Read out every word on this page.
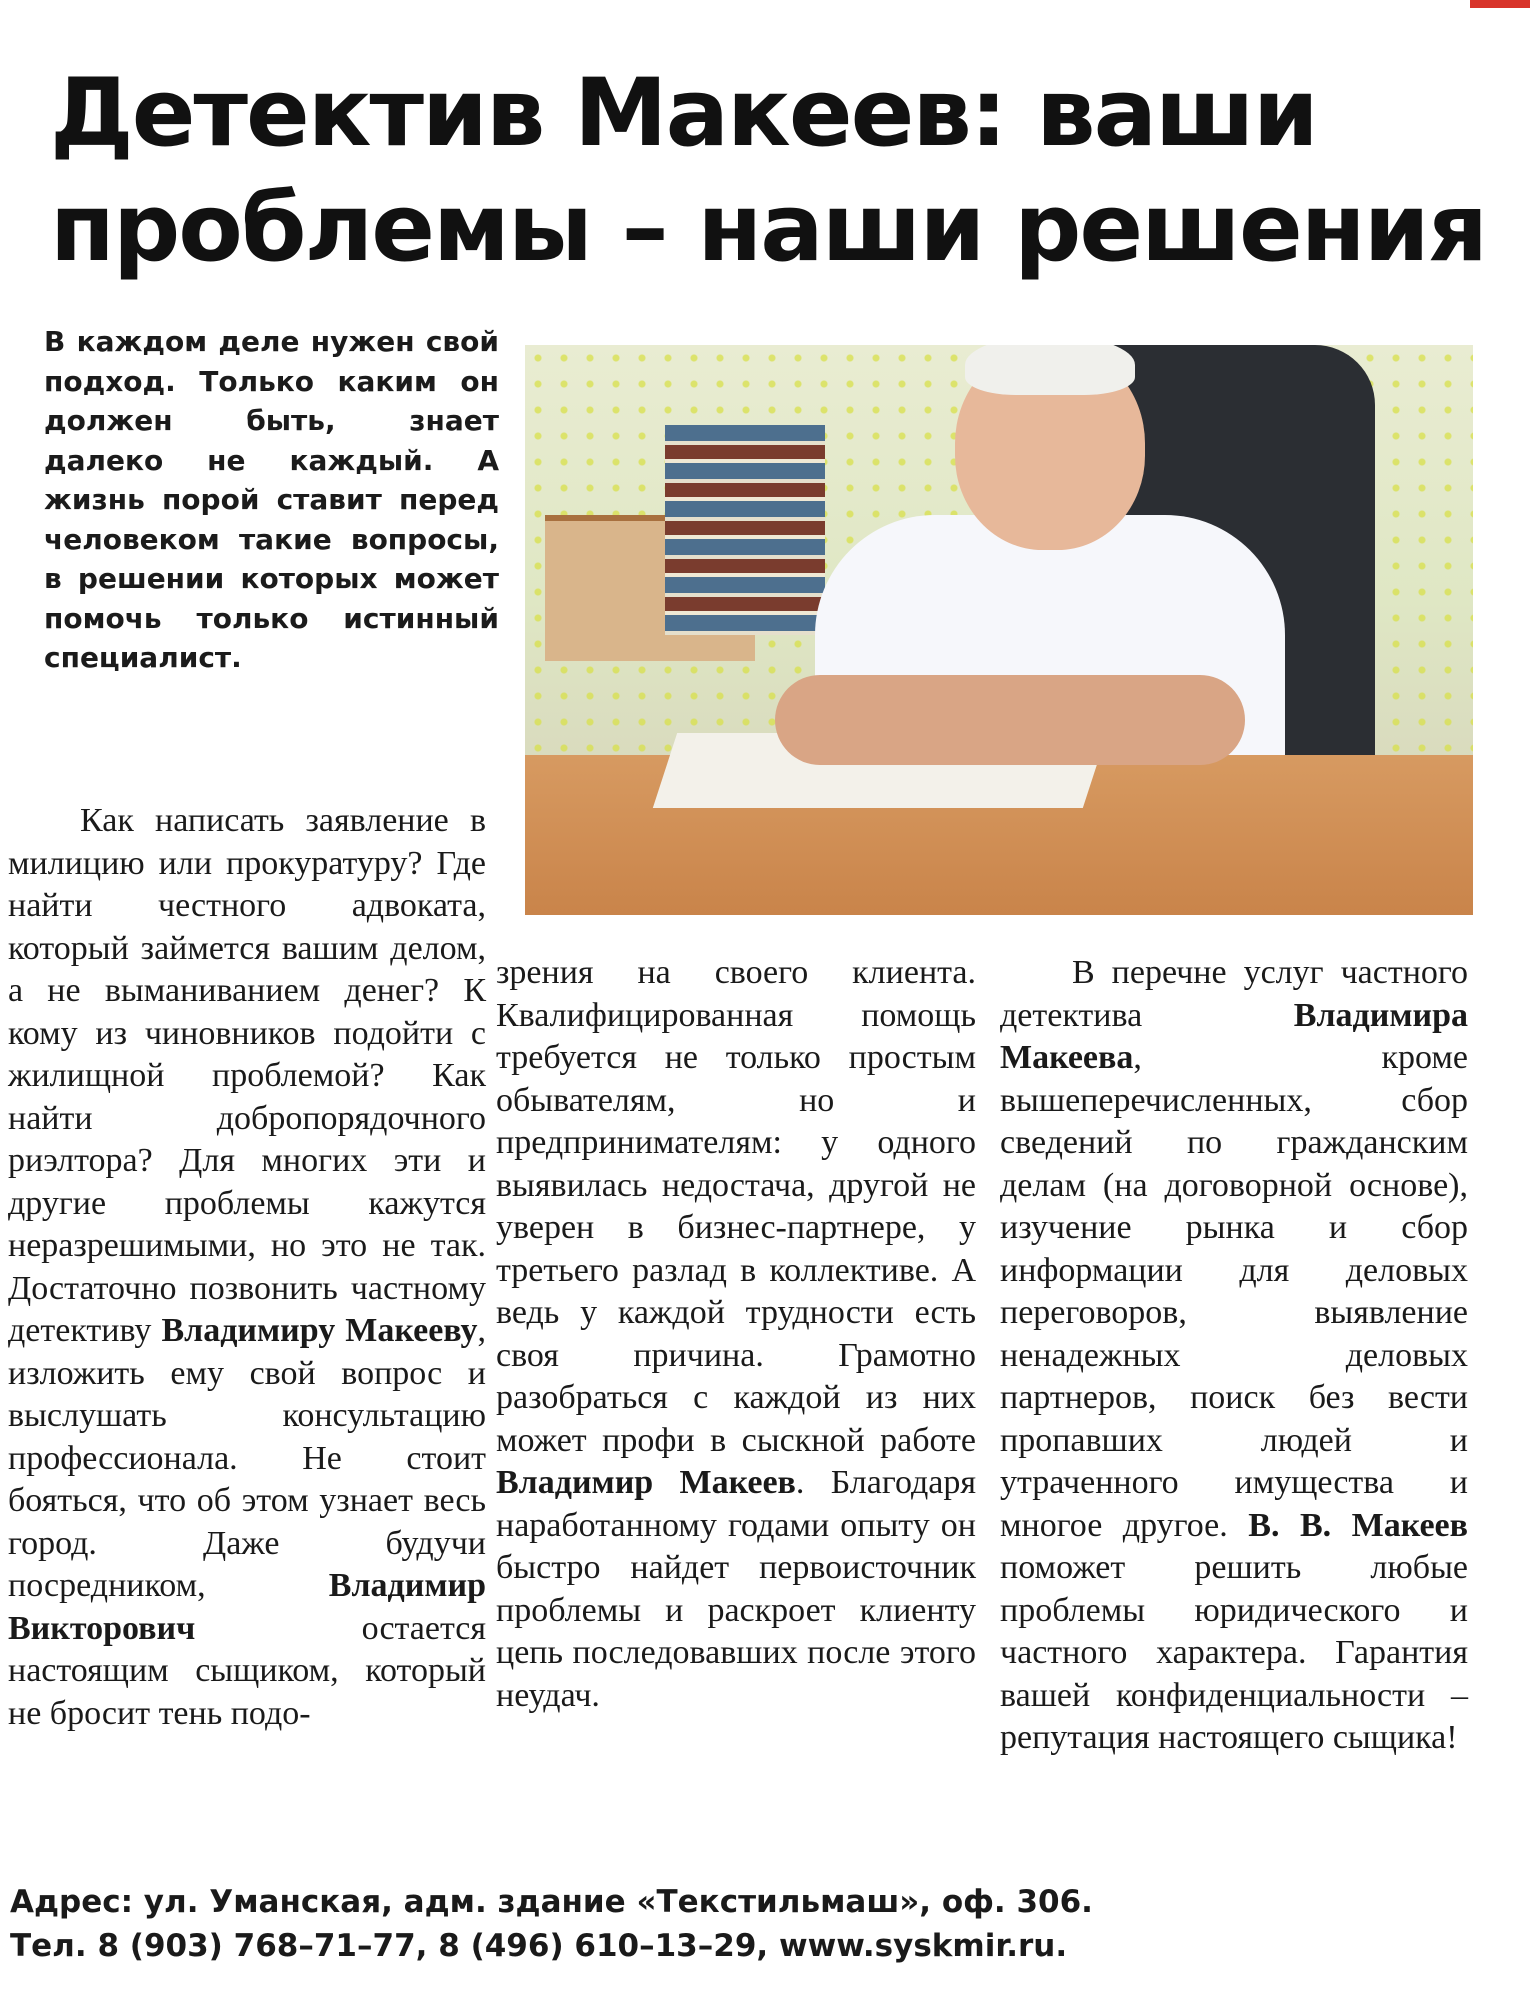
Детектив Макеев: ваши
проблемы – наши решения

В каждом деле нужен свой подход. Только каким он должен быть, знает далеко не каждый. А жизнь порой ставит перед человеком такие вопросы, в решении которых может помочь только истинный специалист.

Как написать заявление в милицию или прокуратуру? Где найти честного адвоката, который займется вашим делом, а не выманиванием денег? К кому из чиновников подойти с жилищной проблемой? Как найти добропорядочного риэлтора? Для многих эти и другие проблемы кажутся неразрешимыми, но это не так. Достаточно позвонить частному детективу Владимиру Макееву, изложить ему свой вопрос и выслушать консультацию профессионала. Не стоит бояться, что об этом узнает весь город. Даже будучи посредником, Владимир Викторович остается настоящим сыщиком, который не бросит тень подо-

зрения на своего клиента. Квалифицированная помощь требуется не только простым обывателям, но и предпринимателям: у одного выявилась недостача, другой не уверен в бизнес-партнере, у третьего разлад в коллективе. А ведь у каждой трудности есть своя причина. Грамотно разобраться с каждой из них может профи в сыскной работе Владимир Макеев. Благодаря наработанному годами опыту он быстро найдет первоисточник проблемы и раскроет клиенту цепь последовавших после этого неудач.

В перечне услуг частного детектива Владимира Макеева, кроме вышеперечисленных, сбор сведений по гражданским делам (на договорной основе), изучение рынка и сбор информации для деловых переговоров, выявление ненадежных деловых партнеров, поиск без вести пропавших людей и утраченного имущества и многое другое. В. В. Макеев поможет решить любые проблемы юридического и частного характера. Гарантия вашей конфиденциальности – репутация настоящего сыщика!

Адрес: ул. Уманская, адм. здание «Текстильмаш», оф. 306.
Тел. 8 (903) 768–71–77, 8 (496) 610–13–29, www.syskmir.ru.
